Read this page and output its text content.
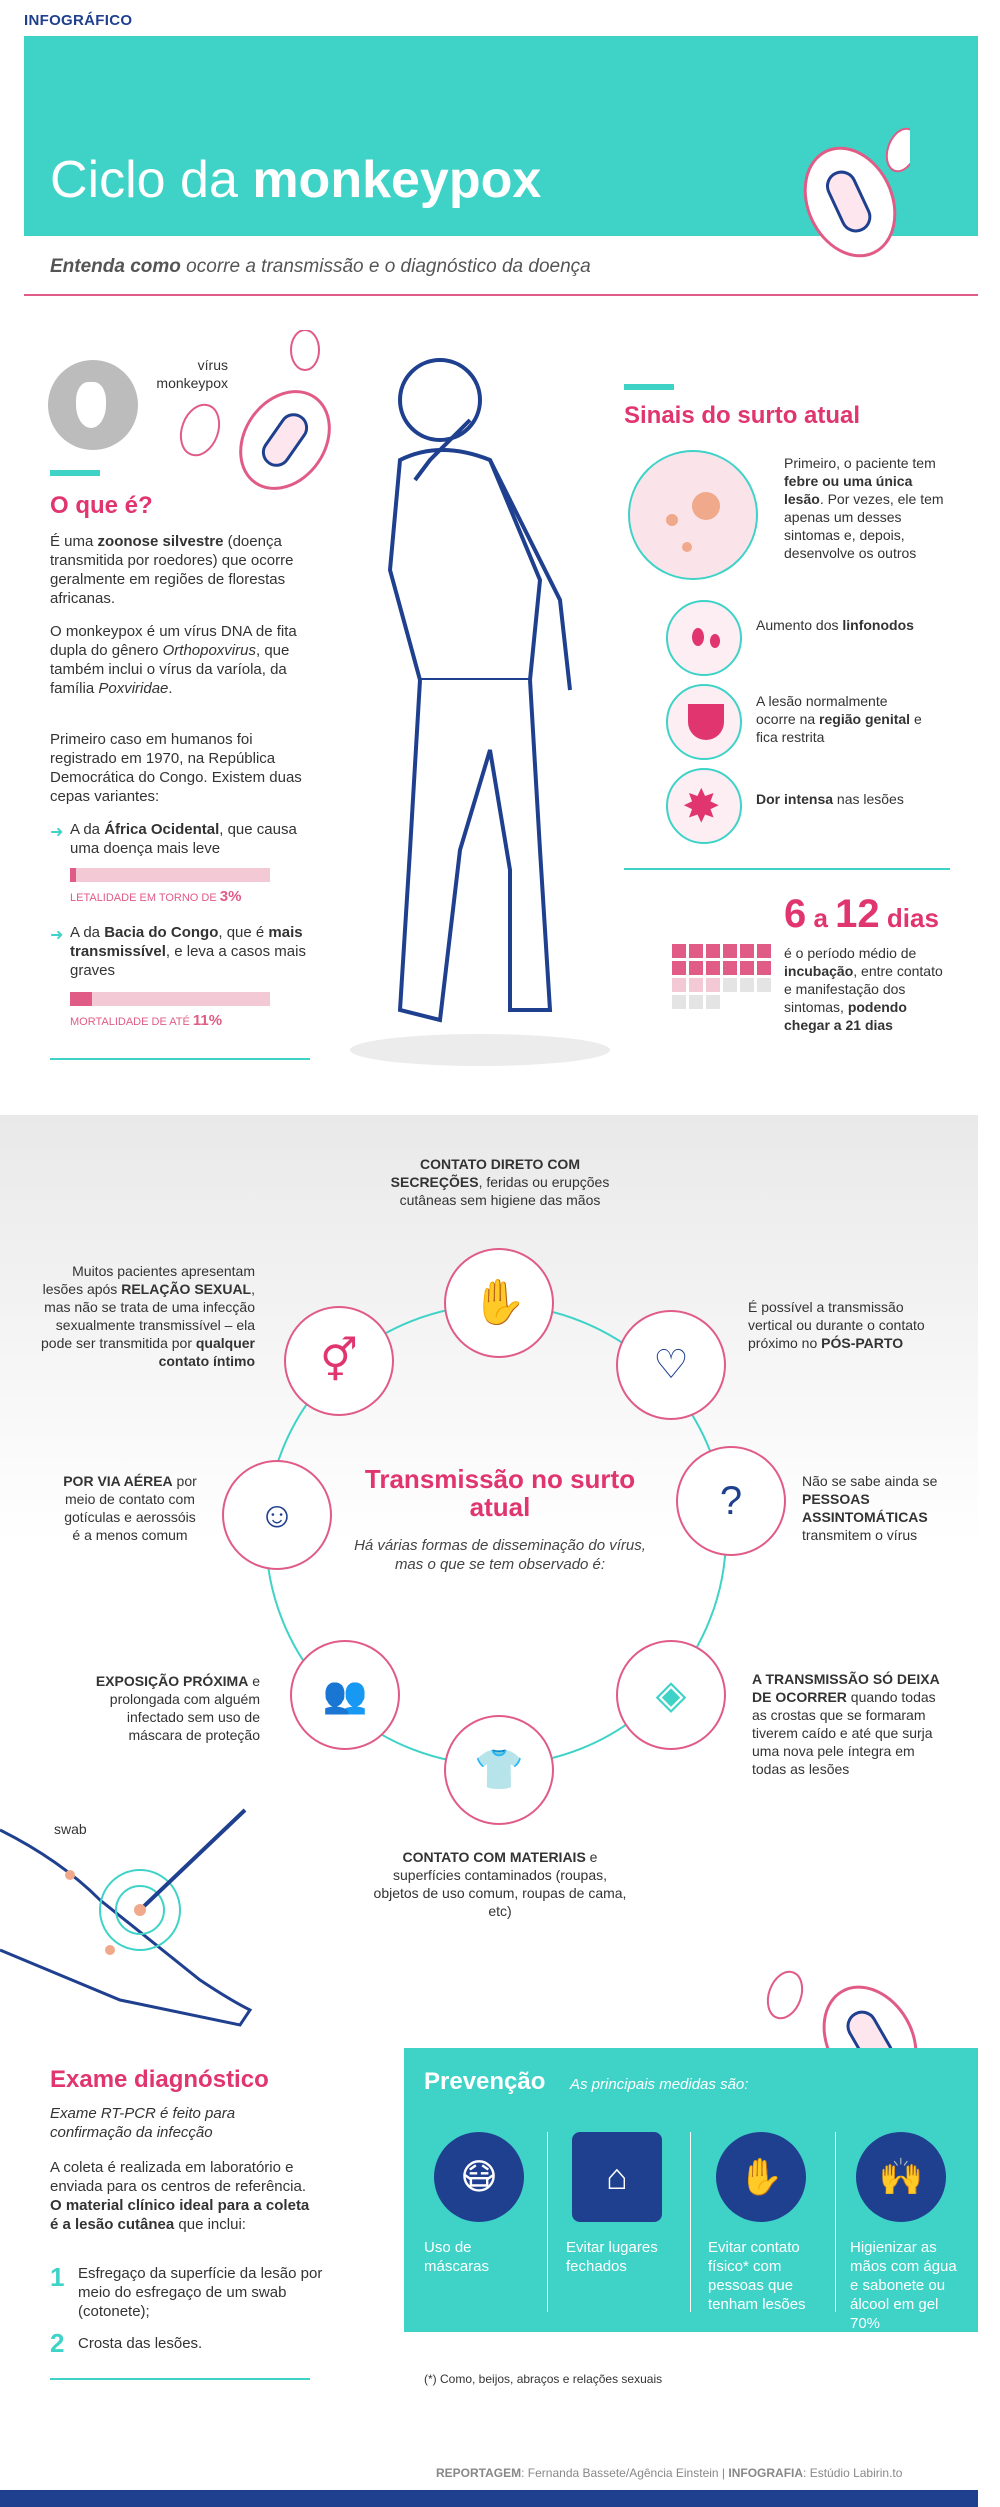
INFOGRÁFICO
Ciclo da monkeypox
Entenda como ocorre a transmissão e o diagnóstico da doença
vírus monkeypox
O que é?
É uma zoonose silvestre (doença transmitida por roedores) que ocorre geralmente em regiões de florestas africanas.
O monkeypox é um vírus DNA de fita dupla do gênero Orthopoxvirus, que também inclui o vírus da varíola, da família Poxviridae.
Primeiro caso em humanos foi registrado em 1970, na República Democrática do Congo. Existem duas cepas variantes:
➜ A da África Ocidental, que causa uma doença mais leve
LETALIDADE EM TORNO DE 3%
➜ A da Bacia do Congo, que é mais transmissível, e leva a casos mais graves
MORTALIDADE DE ATÉ 11%
Sinais do surto atual
Primeiro, o paciente tem febre ou uma única lesão. Por vezes, ele tem apenas um desses sintomas e, depois, desenvolve os outros
Aumento dos linfonodos
A lesão normalmente ocorre na região genital e fica restrita
✸	Dor intensa nas lesões
6 a 12 dias
é o período médio de incubação, entre contato e manifestação dos sintomas, podendo chegar a 21 dias
Transmissão no surto atual
Há várias formas de disseminação do vírus, mas o que se tem observado é:
✋
CONTATO DIRETO COM SECREÇÕES, feridas ou erupções cutâneas sem higiene das mãos
♡
É possível a transmissão vertical ou durante o contato próximo no PÓS-PARTO
?	Não se sabe ainda se PESSOAS ASSINTOMÁTICAS transmitem o vírus
◈	A TRANSMISSÃO SÓ DEIXA DE OCORRER quando todas as crostas que se formaram tiverem caído e até que surja uma nova pele íntegra em todas as lesões
👕
CONTATO COM MATERIAIS e superfícies contaminados (roupas, objetos de uso comum, roupas de cama, etc)
👥
EXPOSIÇÃO PRÓXIMA e prolongada com alguém infectado sem uso de máscara de proteção
☺
POR VIA AÉREA por meio de contato com gotículas e aerossóis é a menos comum
⚥
Muitos pacientes apresentam lesões após RELAÇÃO SEXUAL, mas não se trata de uma infecção sexualmente transmissível – ela pode ser transmitida por qualquer contato íntimo
swab
Exame diagnóstico
Exame RT-PCR é feito para confirmação da infecção
A coleta é realizada em laboratório e enviada para os centros de referência. O material clínico ideal para a coleta é a lesão cutânea que inclui:
1 Esfregaço da superfície da lesão por meio do esfregaço de um swab (cotonete);
2 Crosta das lesões.
Prevenção As principais medidas são:
😷
Uso de máscaras
⌂
Evitar lugares fechados
✋
Evitar contato físico* com pessoas que tenham lesões
🙌
Higienizar as mãos com água e sabonete ou álcool em gel 70%
(*) Como, beijos, abraços e relações sexuais
REPORTAGEM: Fernanda Bassete/Agência Einstein | INFOGRAFIA: Estúdio Labirin.to
